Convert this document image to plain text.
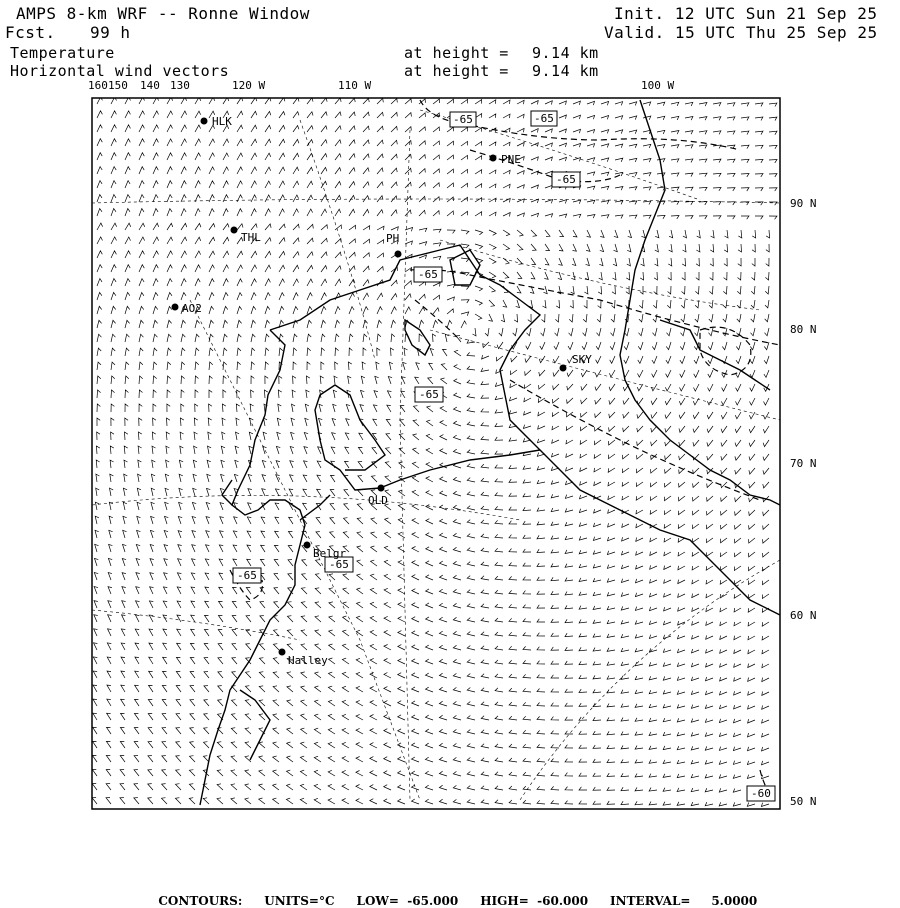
AMPS 8-km WRF -- Ronne Window
Fcst. 99 h
Temperature
Horizontal wind vectors
at height = 9.14 km
at height = 9.14 km
Init. 12 UTC Sun 21 Sep 25
Valid. 15 UTC Thu 25 Sep 25
160 150 140 130	120 W	110 W	100 W
90 N
80 N
70 N
60 N
50 N
HLK
PNE
THL	PH
AO2
SKY
OLD
Belgr
Halley
-65	-65
-65
-65
-65
-65
-65
-60

CONTOURS: UNITS=°C LOW=  -65.000 HIGH=  -60.000 INTERVAL=     5.0000
